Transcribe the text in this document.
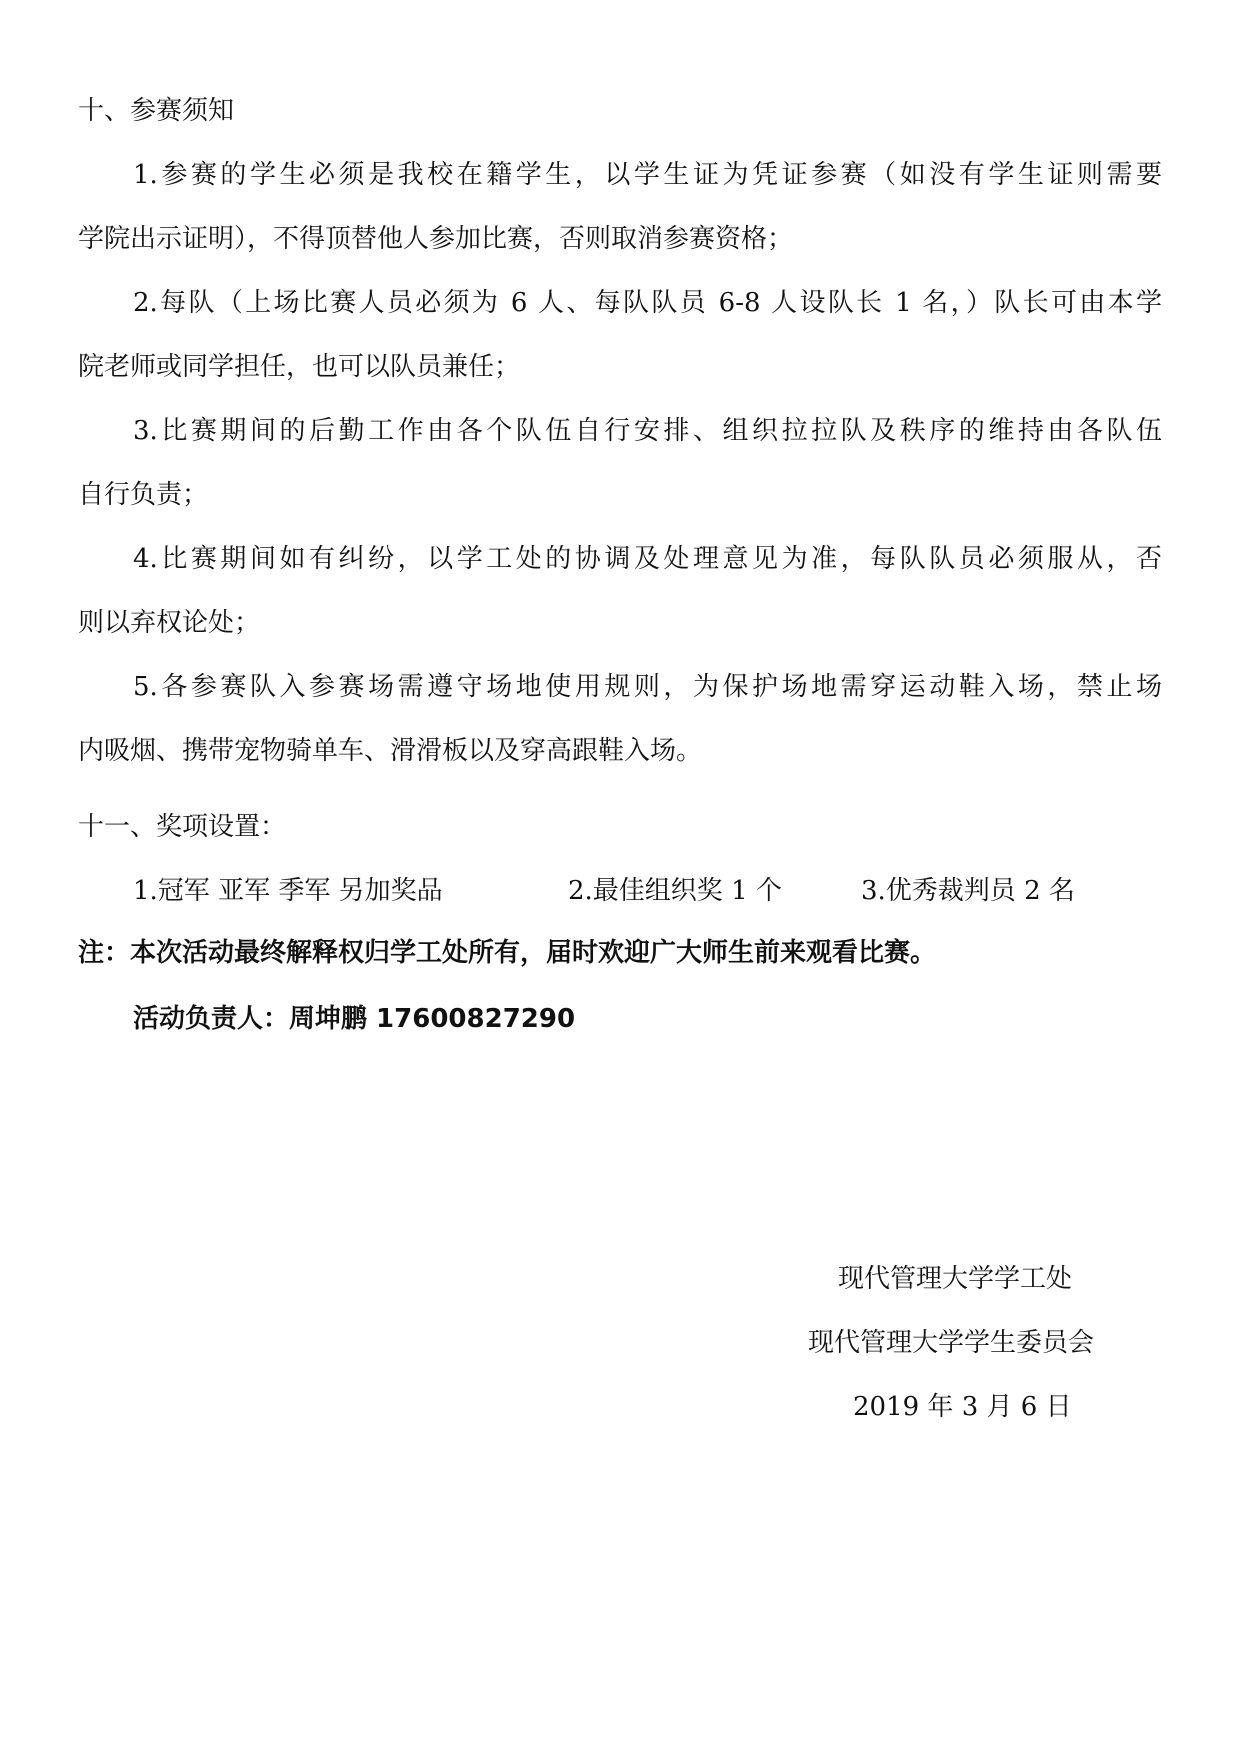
十、参赛须知
1.参赛的学生必须是我校在籍学生，以学生证为凭证参赛（如没有学生证则需要
学院出示证明），不得顶替他人参加比赛，否则取消参赛资格；
2.每队（上场比赛人员必须为 6 人、每队队员 6-8 人设队长 1 名，）队长可由本学
院老师或同学担任，也可以队员兼任；
3.比赛期间的后勤工作由各个队伍自行安排、组织拉拉队及秩序的维持由各队伍
自行负责；
4.比赛期间如有纠纷，以学工处的协调及处理意见为准，每队队员必须服从，否
则以弃权论处；
5.各参赛队入参赛场需遵守场地使用规则，为保护场地需穿运动鞋入场，禁止场
内吸烟、携带宠物骑单车、滑滑板以及穿高跟鞋入场。
十一、奖项设置：
1.冠军 亚军 季军 另加奖品	2.最佳组织奖 1 个	3.优秀裁判员 2 名
注：本次活动最终解释权归学工处所有，届时欢迎广大师生前来观看比赛。
活动负责人：周坤鹏 17600827290
现代管理大学学工处
现代管理大学学生委员会
2019 年 3 月 6 日
